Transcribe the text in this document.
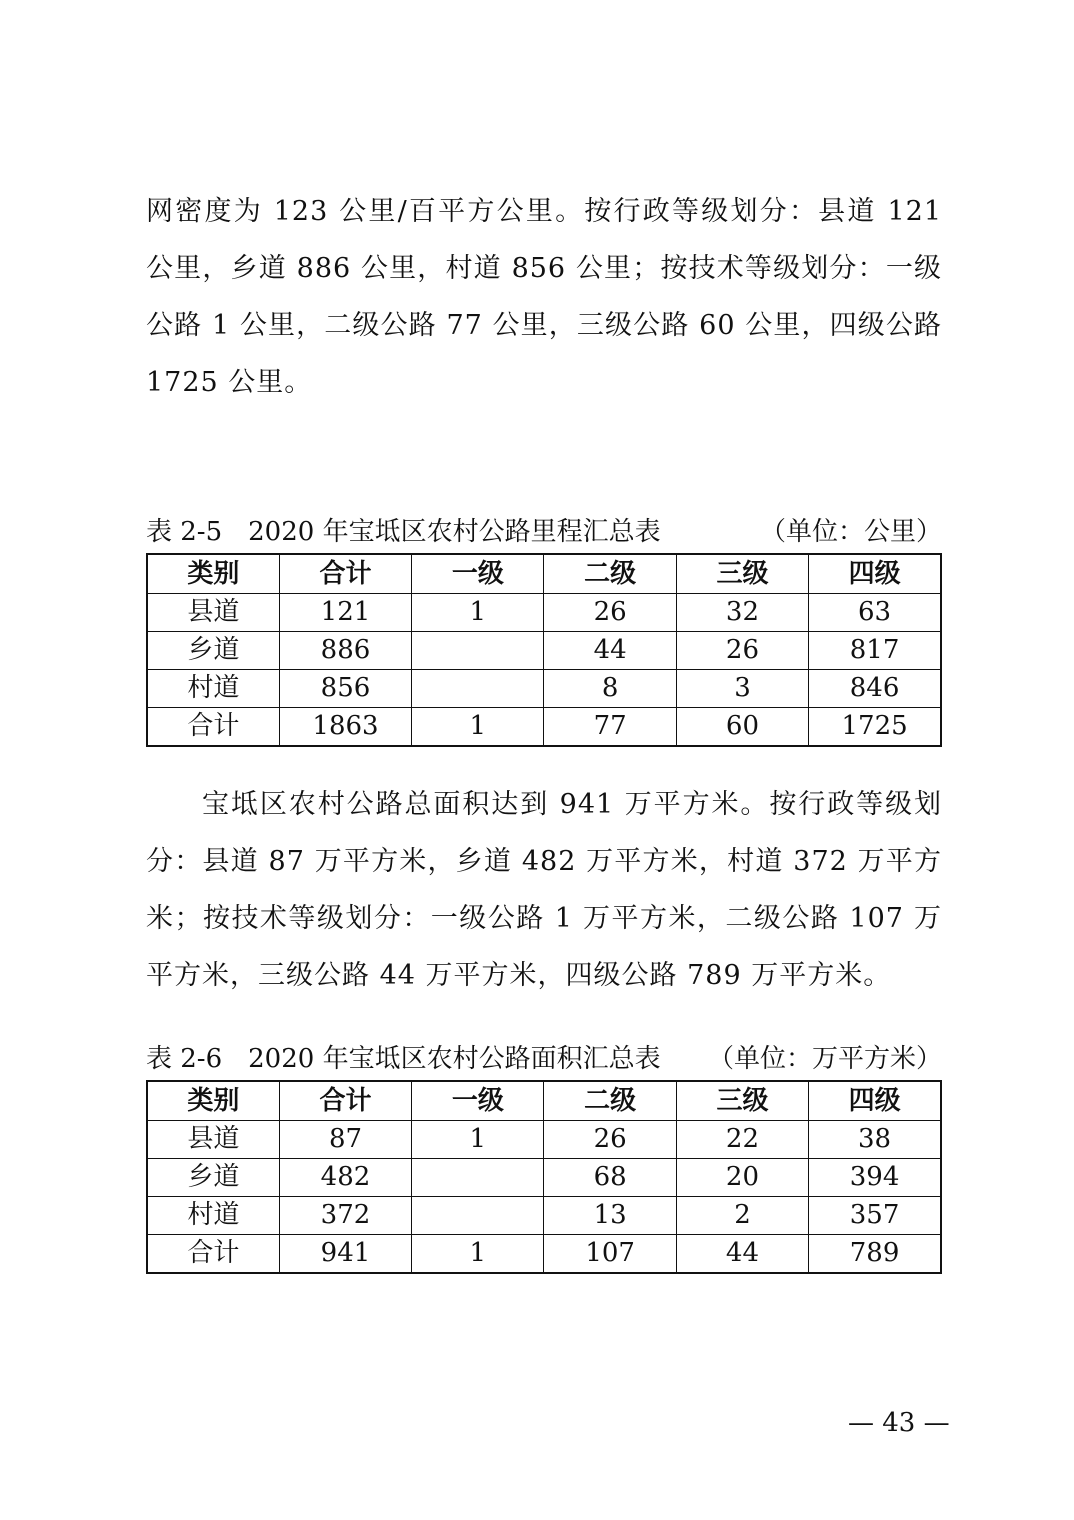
网密度为 123 公里/百平方公里。按行政等级划分：县道 121 公里，乡道 886 公里，村道 856 公里；按技术等级划分：一级公路 1 公里，二级公路 77 公里，三级公路 60 公里，四级公路 1725 公里。

表 2-5　2020 年宝坻区农村公路里程汇总表	（单位：公里）
类别	合计	一级	二级	三级	四级
县道	121	1	26	32	63
乡道	886		44	26	817
村道	856		8	3	846
合计	1863	1	77	60	1725

宝坻区农村公路总面积达到 941 万平方米。按行政等级划分：县道 87 万平方米，乡道 482 万平方米，村道 372 万平方米；按技术等级划分：一级公路 1 万平方米，二级公路 107 万平方米，三级公路 44 万平方米，四级公路 789 万平方米。

表 2-6　2020 年宝坻区农村公路面积汇总表 （单位：万平方米）
类别	合计	一级	二级	三级	四级
县道	87	1	26	22	38
乡道	482		68	20	394
村道	372		13	2	357
合计	941	1	107	44	789
— 43 —
